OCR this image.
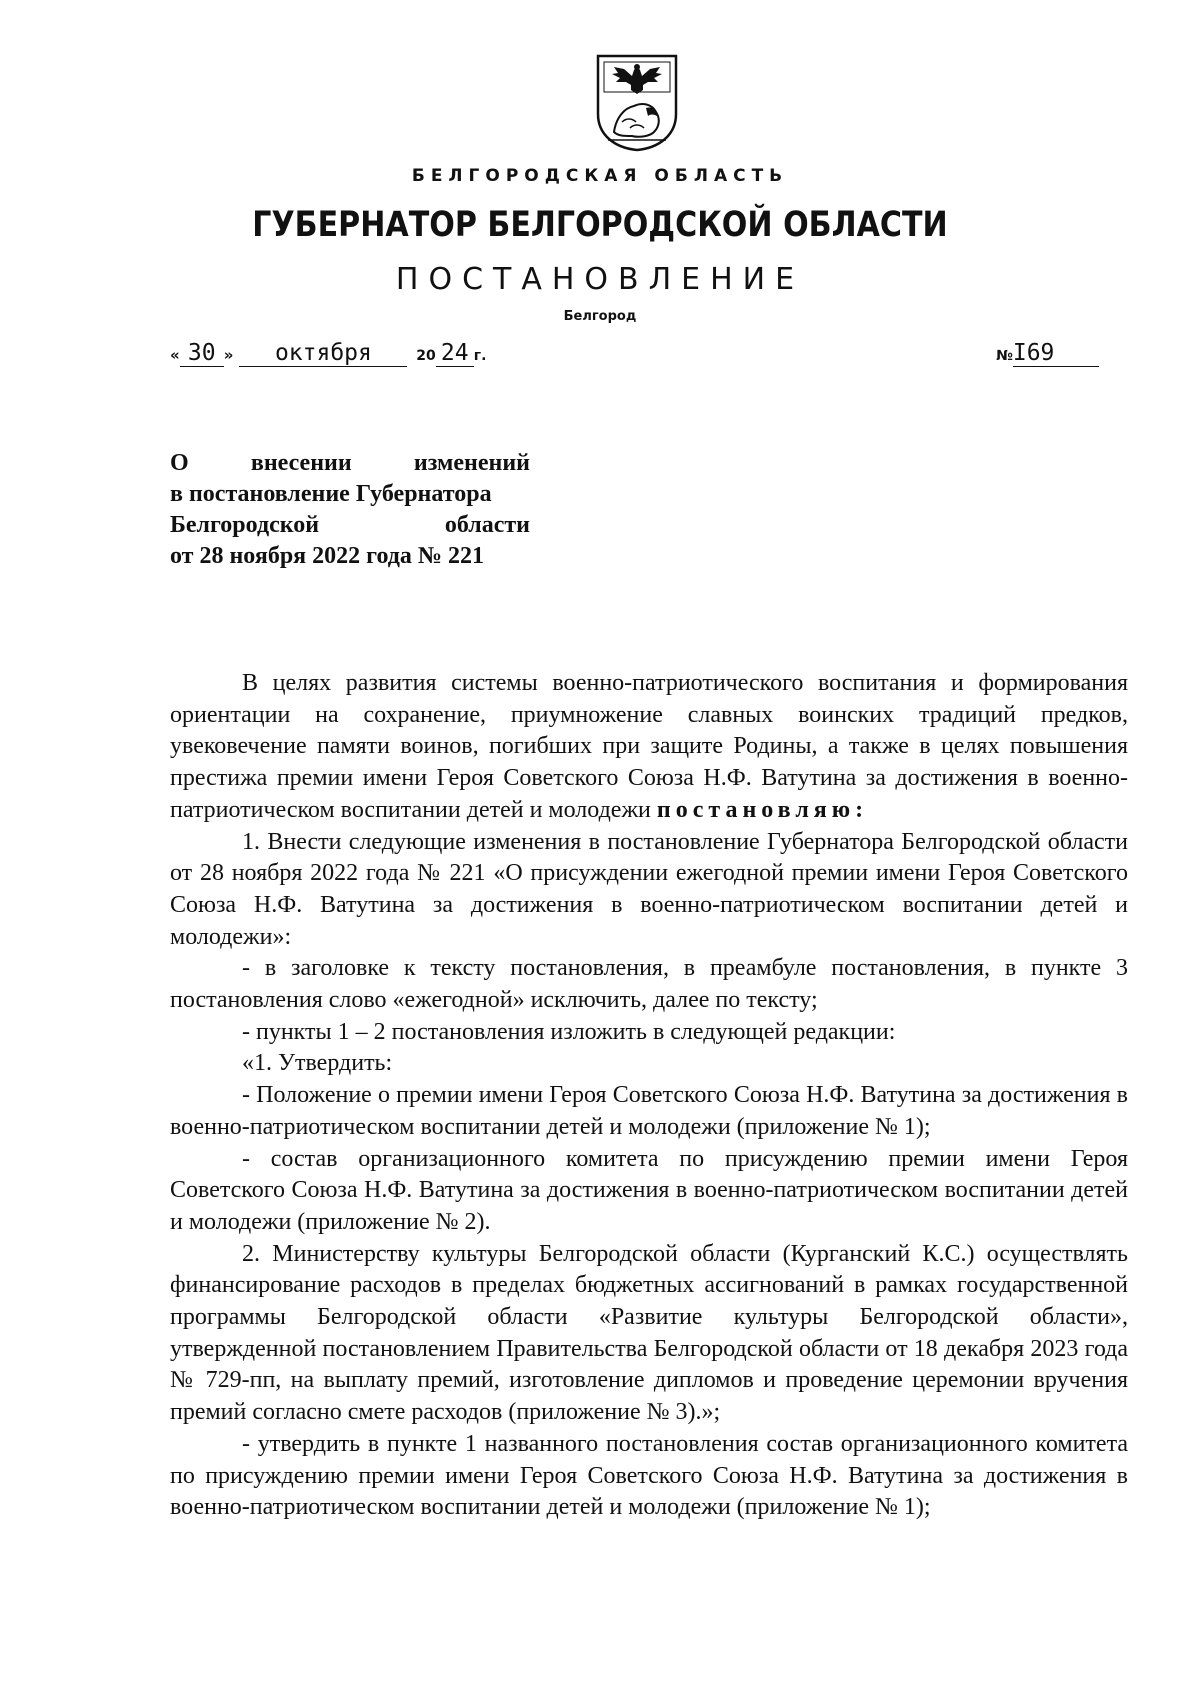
БЕЛГОРОДСКАЯ ОБЛАСТЬ
ГУБЕРНАТОР БЕЛГОРОДСКОЙ ОБЛАСТИ
ПОСТАНОВЛЕНИЕ
Белгород
« 30 » октября	20 24 г.	№I69
О внесении изменений
в постановление Губернатора
Белгородской области
от 28 ноября 2022 года № 221

В целях развития системы военно-патриотического воспитания и формирования ориентации на сохранение, приумножение славных воинских традиций предков, увековечение памяти воинов, погибших при защите Родины, а также в целях повышения престижа премии имени Героя Советского Союза Н.Ф. Ватутина за достижения в военно-патриотическом воспитании детей и молодежи постановляю:

1. Внести следующие изменения в постановление Губернатора Белгородской области от 28 ноября 2022 года № 221 «О присуждении ежегодной премии имени Героя Советского Союза Н.Ф. Ватутина за достижения в военно-патриотическом воспитании детей и молодежи»:

- в заголовке к тексту постановления, в преамбуле постановления, в пункте 3 постановления слово «ежегодной» исключить, далее по тексту;

- пункты 1 – 2 постановления изложить в следующей редакции:

«1. Утвердить:

- Положение о премии имени Героя Советского Союза Н.Ф. Ватутина за достижения в военно-патриотическом воспитании детей и молодежи (приложение № 1);

- состав организационного комитета по присуждению премии имени Героя Советского Союза Н.Ф. Ватутина за достижения в военно-патриотическом воспитании детей и молодежи (приложение № 2).

2. Министерству культуры Белгородской области (Курганский К.С.) осуществлять финансирование расходов в пределах бюджетных ассигнований в рамках государственной программы Белгородской области «Развитие культуры Белгородской области», утвержденной постановлением Правительства Белгородской области от 18 декабря 2023 года № 729-пп, на выплату премий, изготовление дипломов и проведение церемонии вручения премий согласно смете расходов (приложение № 3).»;

- утвердить в пункте 1 названного постановления состав организационного комитета по присуждению премии имени Героя Советского Союза Н.Ф. Ватутина за достижения в военно-патриотическом воспитании детей и молодежи (приложение № 1);
